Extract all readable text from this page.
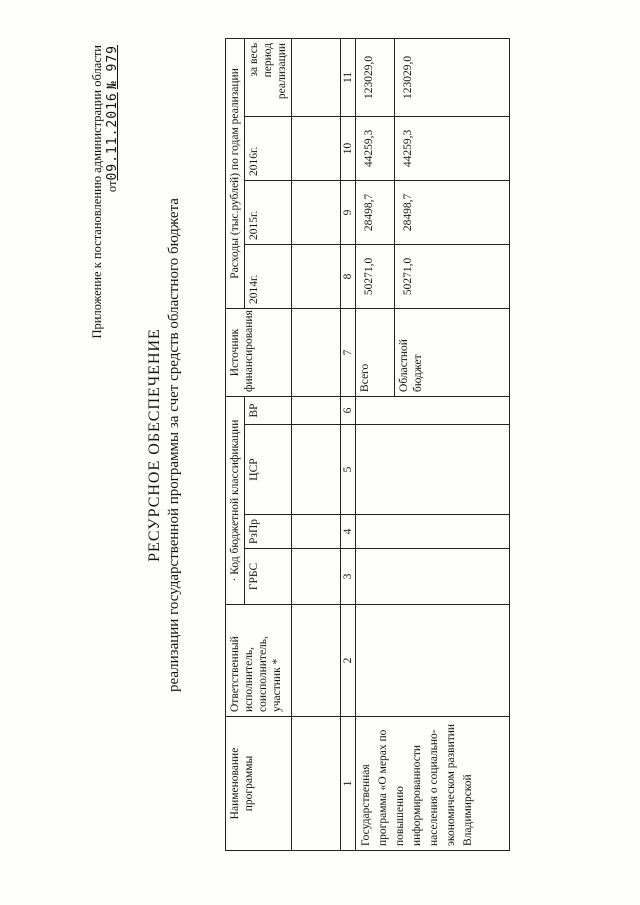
Приложение к постановлению администрации области от09.11.2016 № 979
РЕСУРСНОЕ ОБЕСПЕЧЕНИЕ реализации государственной программы за счет средств областного бюджета
Наименование программы	Ответственный исполнитель, соисполнитель, участник *	· Код бюджетной классификации				Источник финансирования	Расходы (тыс.рублей) по годам реализации			
		ГРБС	РзПр	ЦСР	ВР		2014г.	2015г.	2016г.	за весь период реализации

1	2	3	4	5	6	7	8	9	10	11
Государственная программа «О мерах по повышению информированности населения о социально-экономическом развитии Владимирской						Всего	50271,0	28498,7	44259,3	123029,0
						Областной бюджет	50271,0	28498,7	44259,3	123029,0
